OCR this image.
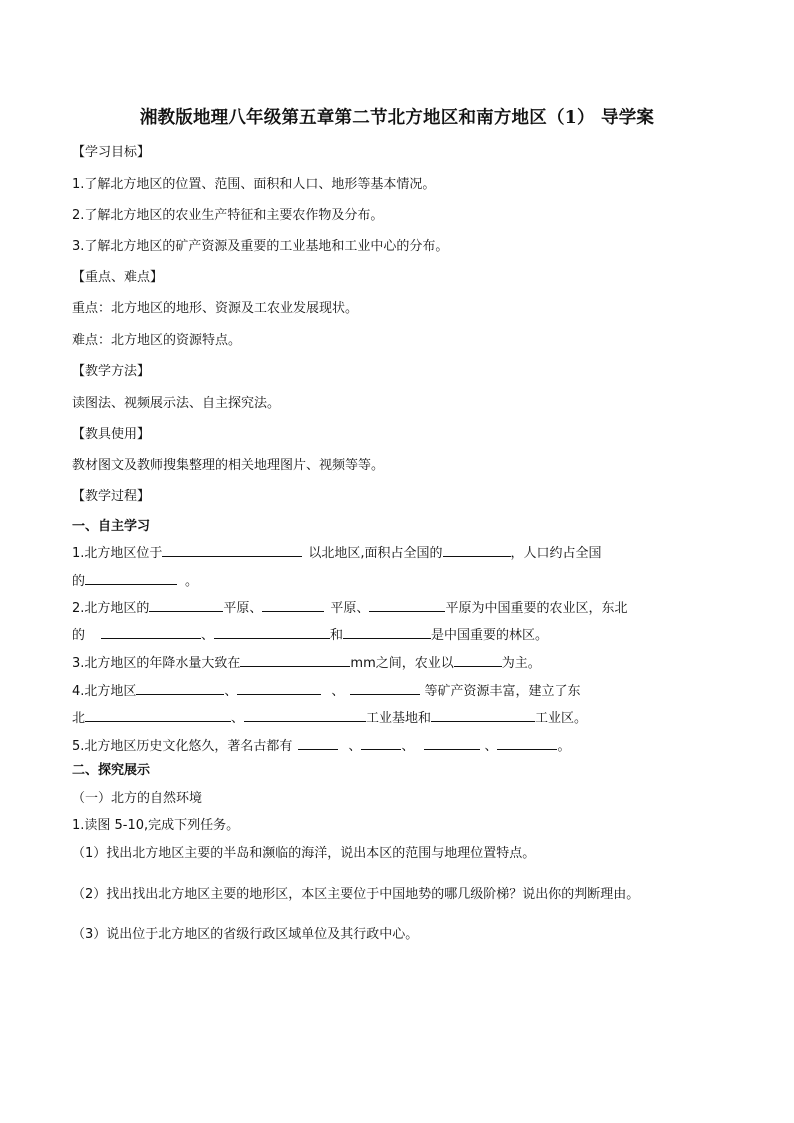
湘教版地理八年级第五章第二节北方地区和南方地区（1） 导学案
【学习目标】
1.了解北方地区的位置、范围、面积和人口、地形等基本情况。
2.了解北方地区的农业生产特征和主要农作物及分布。
3.了解北方地区的矿产资源及重要的工业基地和工业中心的分布。
【重点、难点】
重点：北方地区的地形、资源及工农业发展现状。
难点：北方地区的资源特点。
【教学方法】
读图法、视频展示法、自主探究法。
【教具使用】
教材图文及教师搜集整理的相关地理图片、视频等等。
【教学过程】
一、自主学习
1.北方地区位于	以北地区,面积占全国的	，人口约占全国
的	。
2.北方地区的	平原、	平原、	平原为中国重要的农业区，东北
的	、	和	是中国重要的林区。
3.北方地区的年降水量大致在	mm之间，农业以	为主。
4.北方地区	、	、	等矿产资源丰富，建立了东
北	、	工业基地和	工业区。
5.北方地区历史文化悠久，著名古都有	、	、	、	。
二、探究展示
（一）北方的自然环境
1.读图 5-10,完成下列任务。
（1）找出北方地区主要的半岛和濒临的海洋，说出本区的范围与地理位置特点。
（2）找出找出北方地区主要的地形区，本区主要位于中国地势的哪几级阶梯？说出你的判断理由。
（3）说出位于北方地区的省级行政区域单位及其行政中心。
